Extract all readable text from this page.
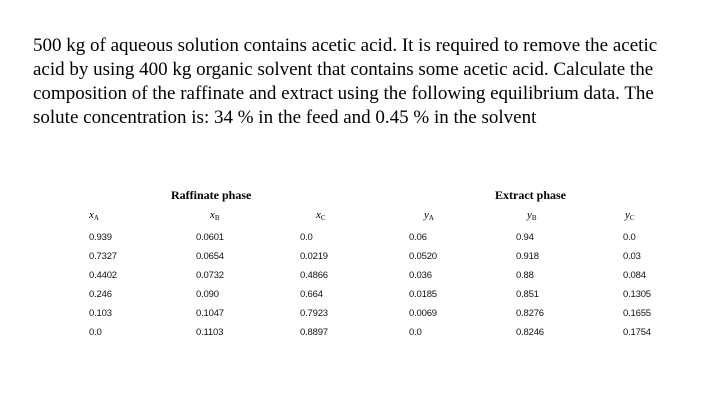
500 kg of aqueous solution contains acetic acid. It is required to remove the acetic acid by using 400 kg organic solvent that contains some acetic acid. Calculate the composition of the raffinate and extract using the following equilibrium data. The solute concentration is: 34 % in the feed and 0.45 % in the solvent

Raffinate phase	Extract phase
$x_A$
0.939
0.7327
0.4402
0.246
0.103
0.0
$x_B$
0.0601
0.0654
0.0732
0.090
0.1047
0.1103
$x_C$
0.0
0.0219
0.4866
0.664
0.7923
0.8897
$y_A$
0.06
0.0520
0.036
0.0185
0.0069
0.0
$y_B$
0.94
0.918
0.88
0.851
0.8276
0.8246
$y_C$
0.0
0.03
0.084
0.1305
0.1655
0.1754
